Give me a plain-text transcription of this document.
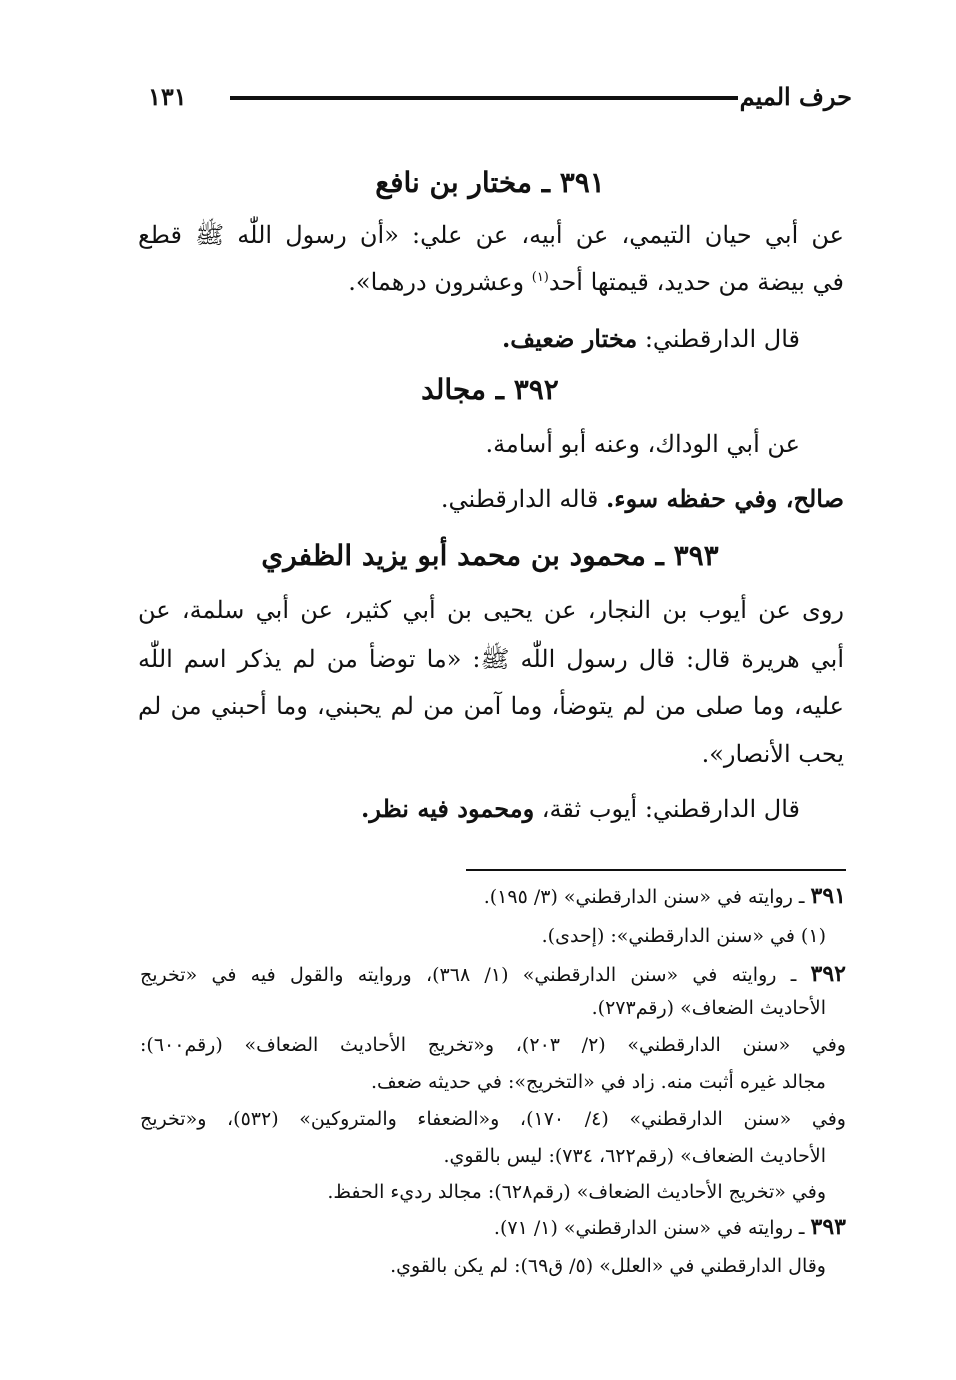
حرف الميم
١٣١
٣٩١ ـ مختار بن نافع
عن أبي حيان التيمي، عن أبيه، عن علي: «أن رسول اللّٰه ﷺ قطع
في بيضة من حديد، قيمتها أحد$^{(١)}$ وعشرون درهما».
قال الدارقطني: مختار ضعيف.
٣٩٢ ـ مجالد
عن أبي الوداك، وعنه أبو أسامة.
صالح، وفي حفظه سوء. قاله الدارقطني.
٣٩٣ ـ محمود بن محمد أبو يزيد الظفري
روى عن أيوب بن النجار، عن يحيى بن أبي كثير، عن أبي سلمة، عن
أبي هريرة قال: قال رسول اللّٰه ﷺ: «ما توضأ من لم يذكر اسم اللّٰه
عليه، وما صلى من لم يتوضأ، وما آمن من لم يحبني، وما أحبني من لم
يحب الأنصار».
قال الدارقطني: أيوب ثقة، ومحمود فيه نظر.
٣٩١ ـ روايته في «سنن الدارقطني» (٣/ ١٩٥).
(١) في «سنن الدارقطني»: (إحدى).
٣٩٢ ـ روايته في «سنن الدارقطني» (١/ ٣٦٨)، وروايته والقول فيه في «تخريج
الأحاديث الضعاف» (رقم٢٧٣).
وفي «سنن الدارقطني» (٢/ ٢٠٣)، و«تخريج الأحاديث الضعاف» (رقم٦٠٠):
مجالد غيره أثبت منه. زاد في «التخريج»: في حديثه ضعف.
وفي «سنن الدارقطني» (٤/ ١٧٠)، و«الضعفاء والمتروكين» (٥٣٢)، و«تخريج
الأحاديث الضعاف» (رقم٦٢٢، ٧٣٤): ليس بالقوي.
وفي «تخريج الأحاديث الضعاف» (رقم٦٢٨): مجالد رديء الحفظ.
٣٩٣ ـ روايته في «سنن الدارقطني» (١/ ٧١).
وقال الدارقطني في «العلل» (٥/ ق٦٩): لم يكن بالقوي.
